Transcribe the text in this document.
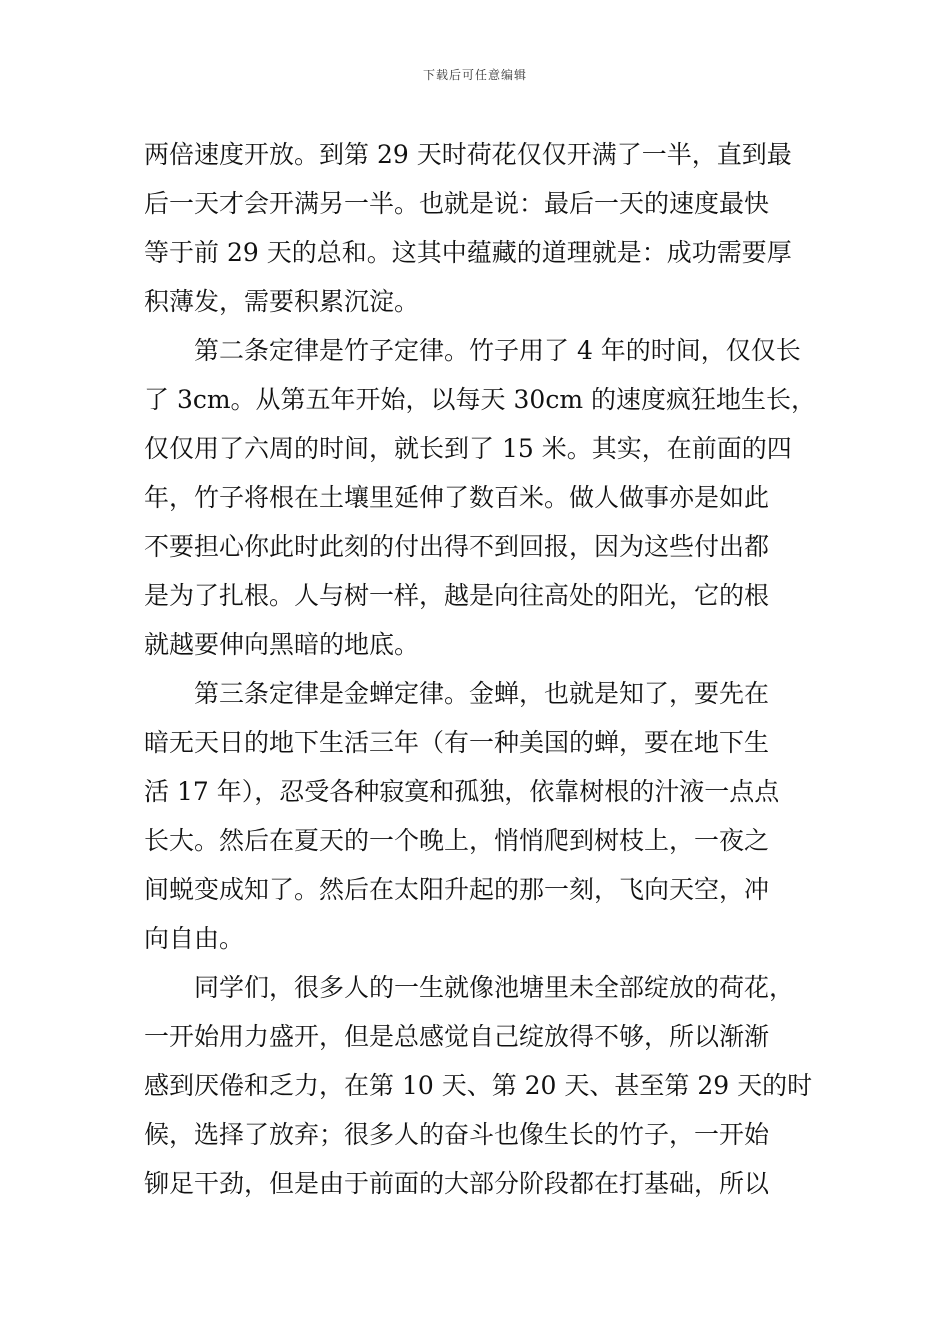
下载后可任意编辑
两倍速度开放。到第 29 天时荷花仅仅开满了一半，直到最
后一天才会开满另一半。也就是说：最后一天的速度最快
等于前 29 天的总和。这其中蕴藏的道理就是：成功需要厚
积薄发，需要积累沉淀。
　　第二条定律是竹子定律。竹子用了 4 年的时间，仅仅长
了 3cm。从第五年开始，以每天 30cm 的速度疯狂地生长，
仅仅用了六周的时间，就长到了 15 米。其实，在前面的四
年，竹子将根在土壤里延伸了数百米。做人做事亦是如此
不要担心你此时此刻的付出得不到回报，因为这些付出都
是为了扎根。人与树一样，越是向往高处的阳光，它的根
就越要伸向黑暗的地底。
　　第三条定律是金蝉定律。金蝉，也就是知了，要先在
暗无天日的地下生活三年（有一种美国的蝉，要在地下生
活 17 年），忍受各种寂寞和孤独，依靠树根的汁液一点点
长大。然后在夏天的一个晚上，悄悄爬到树枝上，一夜之
间蜕变成知了。然后在太阳升起的那一刻，飞向天空，冲
向自由。
　　同学们，很多人的一生就像池塘里未全部绽放的荷花，
一开始用力盛开，但是总感觉自己绽放得不够，所以渐渐
感到厌倦和乏力，在第 10 天、第 20 天、甚至第 29 天的时
候，选择了放弃；很多人的奋斗也像生长的竹子，一开始
铆足干劲，但是由于前面的大部分阶段都在打基础，所以
